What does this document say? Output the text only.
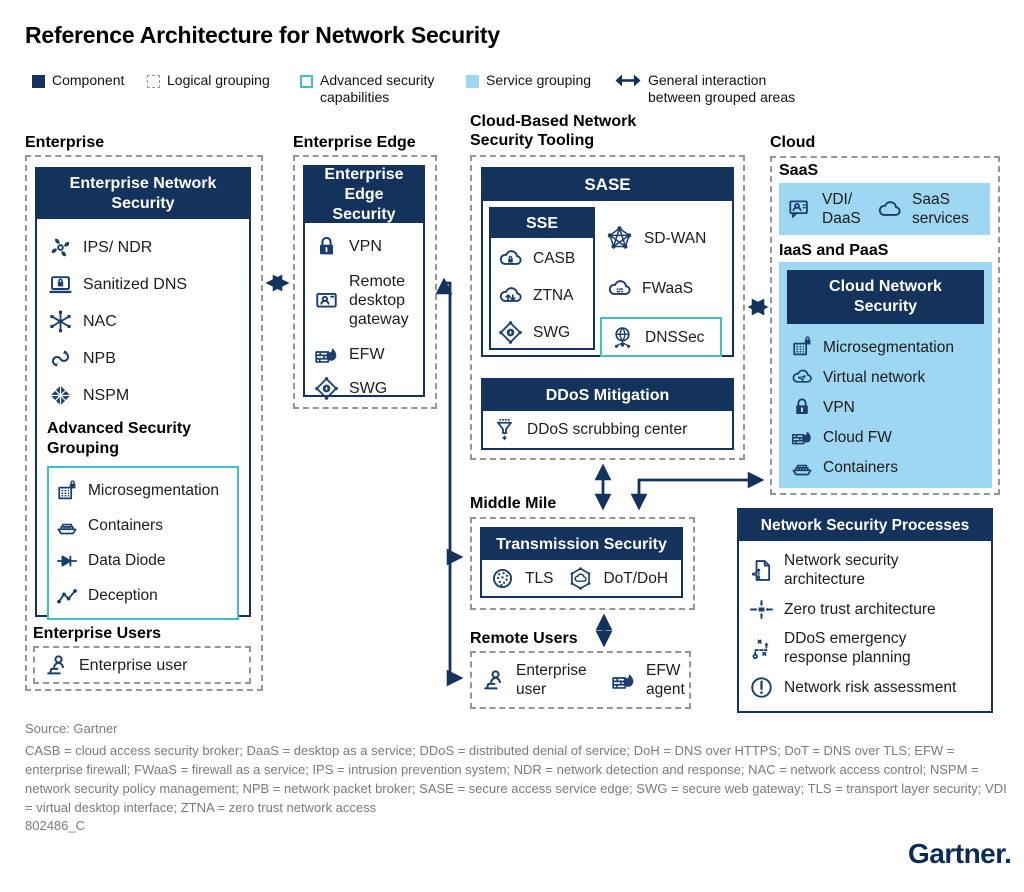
Reference Architecture for Network Security
Component	Logical grouping	Advanced security capabilities
Service grouping	General interaction between grouped areas
Enterprise
Enterprise Network Security
IPS/ NDR
Sanitized DNS
NAC
NPB
NSPM
Advanced Security Grouping
Microsegmentation
Containers
Data Diode
Deception
Enterprise Users
Enterprise user
Enterprise Edge
Enterprise Edge Security
VPN
Remote desktop gateway
EFW
SWG
Cloud-Based Network Security Tooling
SASE
SSE
CASB
ZTNA
SWG
SD-WAN
FWaaS
DNSSec
DDoS Mitigation
DDoS scrubbing center
Middle Mile
Transmission Security
TLS	DoT/DoH
Remote Users
Enterprise user
EFW agent
Cloud
SaaS
VDI/ DaaS
SaaS services
IaaS and PaaS
Cloud Network Security
Microsegmentation
Virtual network
VPN
Cloud FW
Containers
Network Security Processes
Network security architecture
Zero trust architecture
DDoS emergency response planning
Network risk assessment
Source: Gartner
CASB = cloud access security broker; DaaS = desktop as a service; DDoS = distributed denial of service; DoH = DNS over HTTPS; DoT = DNS over TLS; EFW = enterprise firewall; FWaaS = firewall as a service; IPS = intrusion prevention system; NDR = network detection and response; NAC = network access control; NSPM = network security policy management; NPB = network packet broker; SASE = secure access service edge; SWG = secure web gateway; TLS = transport layer security; VDI = virtual desktop interface; ZTNA = zero trust network access
802486_C
Gartner.
